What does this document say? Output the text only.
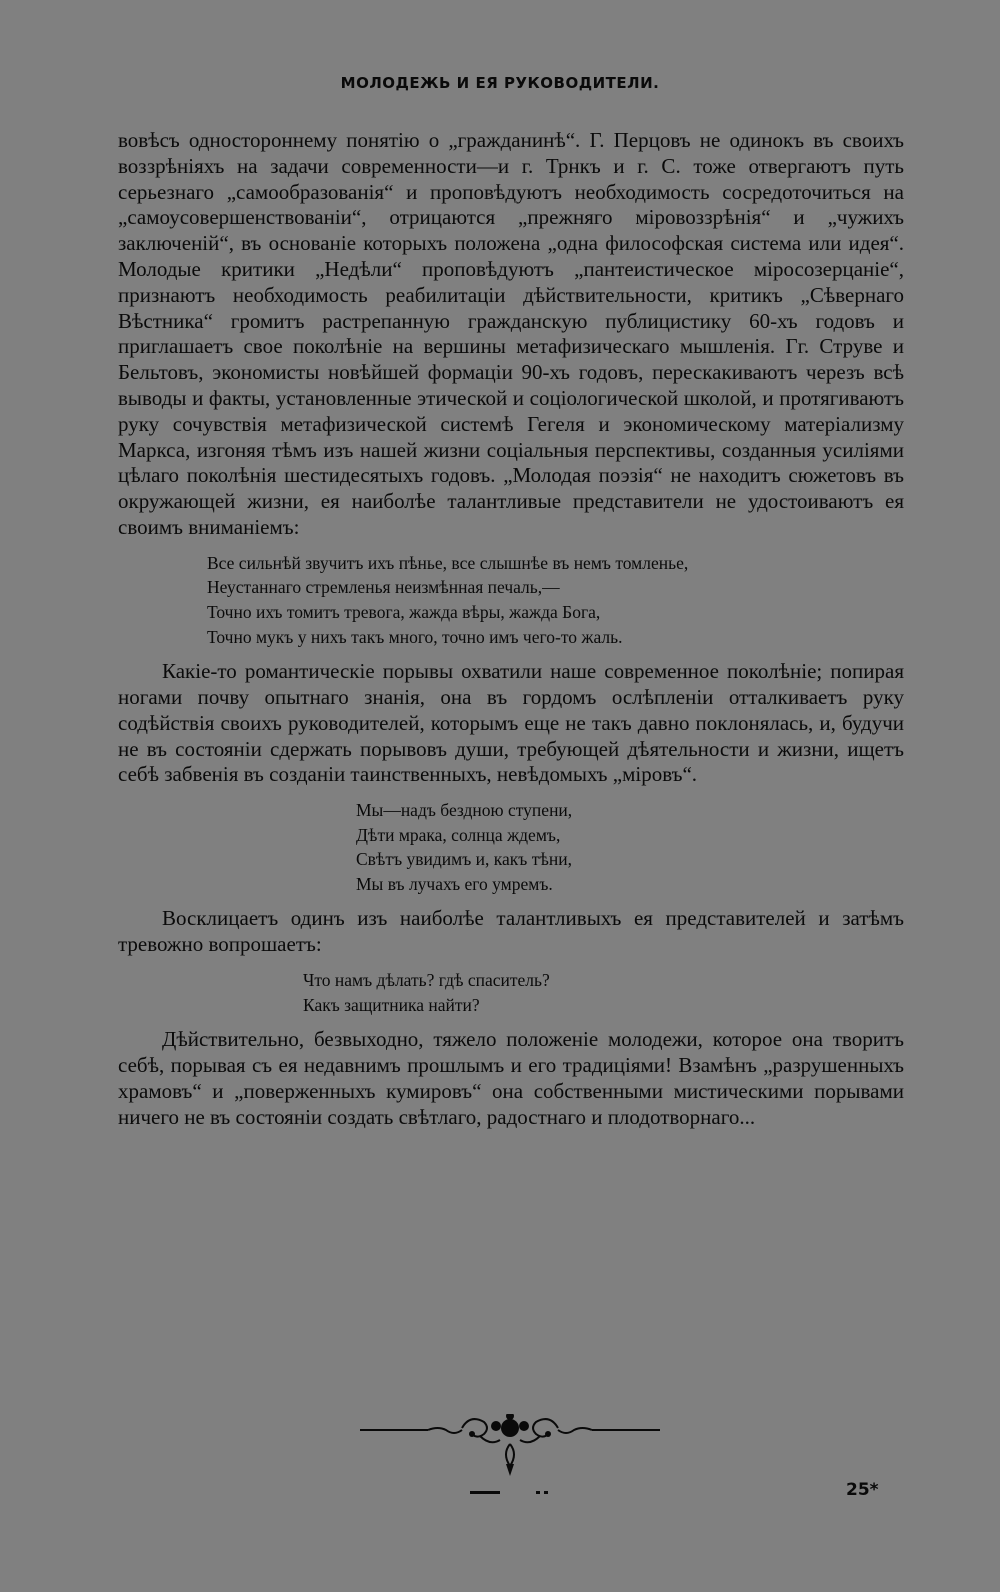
МОЛОДЕЖЬ И ЕЯ РУКОВОДИТЕЛИ.

вовѣсъ одностороннему понятію о „гражданинѣ“. Г. Перцовъ не одинокъ въ своихъ воззрѣніяхъ на задачи современности—и г. Трнкъ и г. С. тоже отвергаютъ путь серьезнаго „самообразованія“ и проповѣдуютъ необходимость сосредоточиться на „самоусовершенствованіи“, отрицаются „прежняго міровоззрѣнія“ и „чужихъ заключеній“, въ основаніе которыхъ положена „одна философская система или идея“. Молодые критики „Недѣли“ проповѣдуютъ „пантеистическое міросозерцаніе“, признаютъ необходимость реабилитаціи дѣйствительности, критикъ „Сѣвернаго Вѣстника“ громитъ растрепанную гражданскую публицистику 60-хъ годовъ и приглашаетъ свое поколѣніе на вершины метафизическаго мышленія. Гг. Струве и Бельтовъ, экономисты новѣйшей формаціи 90-хъ годовъ, перескакиваютъ черезъ всѣ выводы и факты, установленные этической и соціологической школой, и протягиваютъ руку сочувствія метафизической системѣ Гегеля и экономическому матеріализму Маркса, изгоняя тѣмъ изъ нашей жизни соціальныя перспективы, созданныя усиліями цѣлаго поколѣнія шестидесятыхъ годовъ. „Молодая поэзія“ не находитъ сюжетовъ въ окружающей жизни, ея наиболѣе талантливые представители не удостоиваютъ ея своимъ вниманіемъ:

Все сильнѣй звучитъ ихъ пѣнье, все слышнѣе въ немъ томленье,
Неустаннаго стремленья неизмѣнная печаль,—
Точно ихъ томитъ тревога, жажда вѣры, жажда Бога,
Точно мукъ у нихъ такъ много, точно имъ чего-то жаль.

Какіе-то романтическіе порывы охватили наше современное поколѣніе; попирая ногами почву опытнаго знанія, она въ гордомъ ослѣпленіи отталкиваетъ руку содѣйствія своихъ руководителей, которымъ еще не такъ давно поклонялась, и, будучи не въ состояніи сдержать порывовъ души, требующей дѣятельности и жизни, ищетъ себѣ забвенія въ созданіи таинственныхъ, невѣдомыхъ „міровъ“.

Мы—надъ бездною ступени,
Дѣти мрака, солнца ждемъ,
Свѣтъ увидимъ и, какъ тѣни,
Мы въ лучахъ его умремъ.

Восклицаетъ одинъ изъ наиболѣе талантливыхъ ея представителей и затѣмъ тревожно вопрошаетъ:

Что намъ дѣлать? гдѣ спаситель?
Какъ защитника найти?

Дѣйствительно, безвыходно, тяжело положеніе молодежи, которое она творитъ себѣ, порывая съ ея недавнимъ прошлымъ и его традиціями! Взамѣнъ „разрушенныхъ храмовъ“ и „поверженныхъ кумировъ“ она собственными мистическими порывами ничего не въ состояніи создать свѣтлаго, радостнаго и плодотворнаго...

25*
